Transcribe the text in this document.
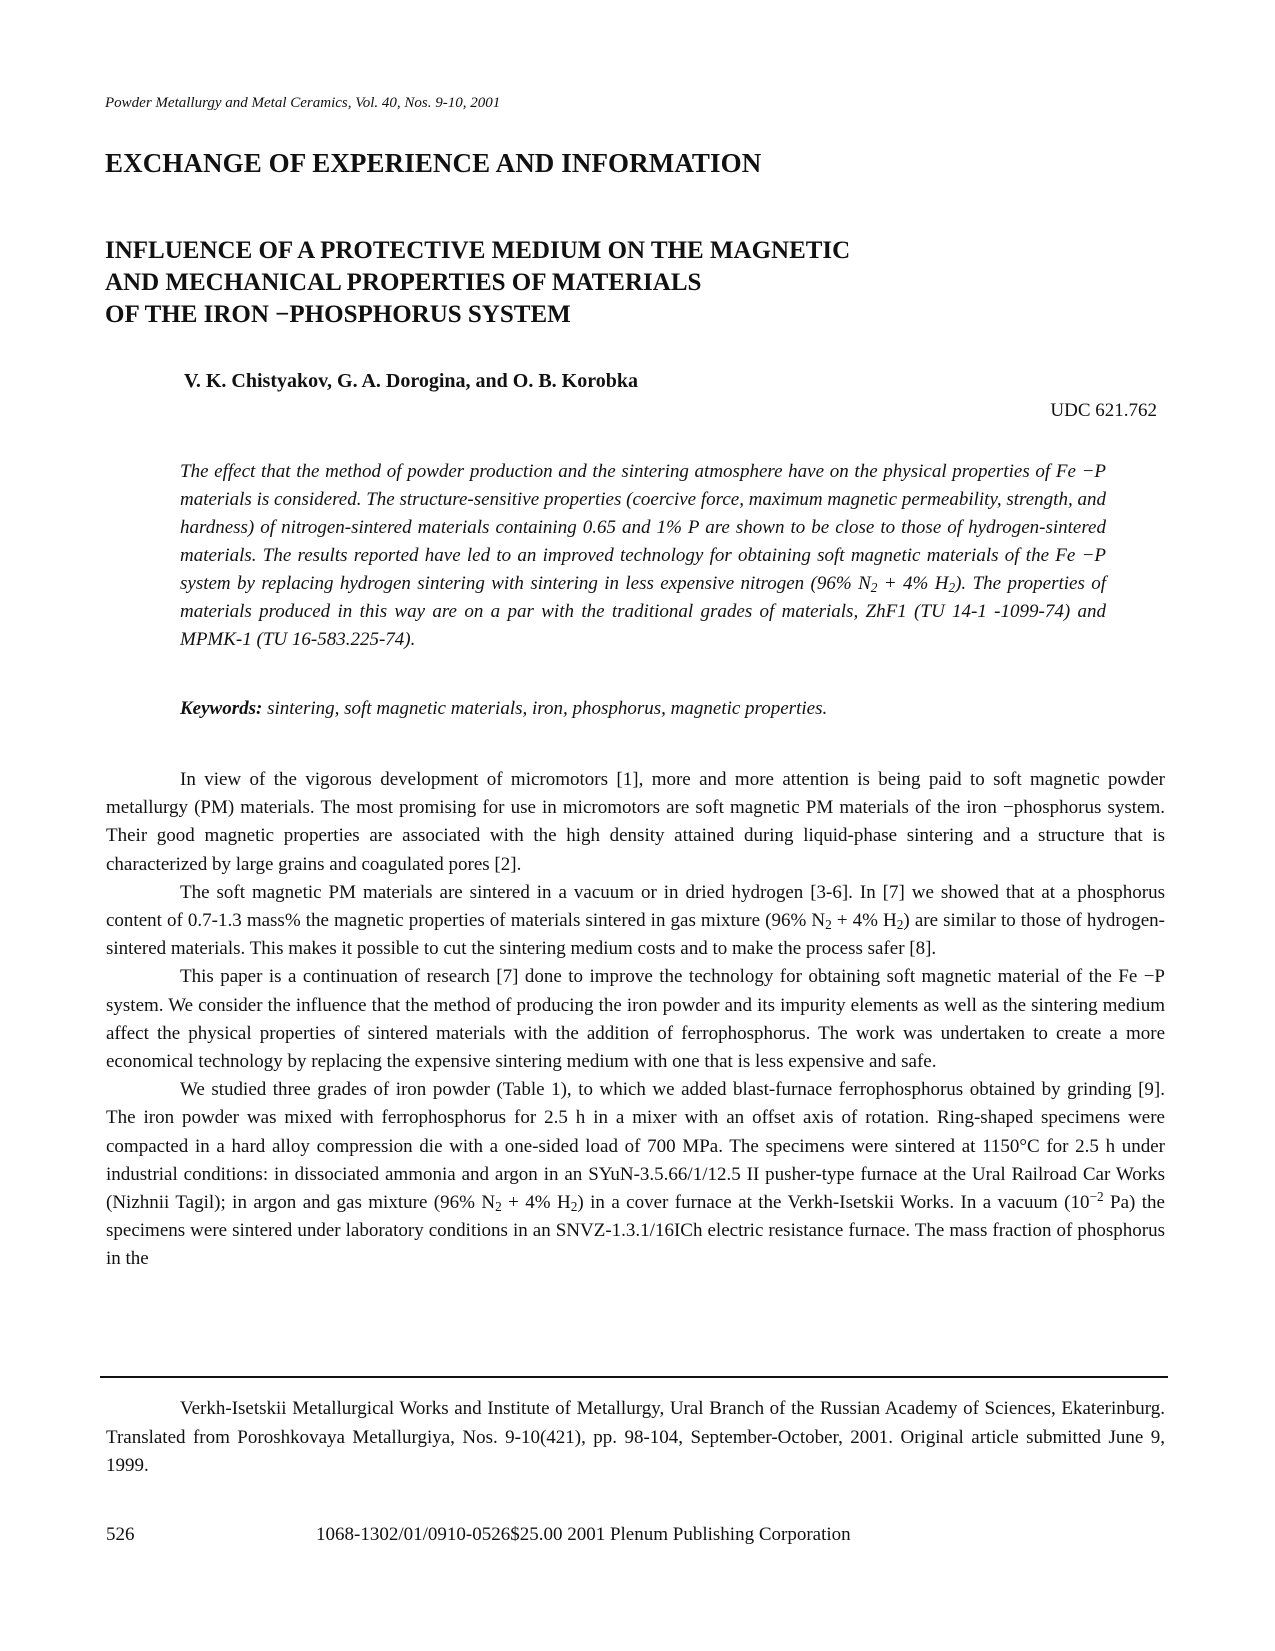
Powder Metallurgy and Metal Ceramics, Vol. 40, Nos. 9-10, 2001
EXCHANGE OF EXPERIENCE AND INFORMATION
INFLUENCE OF A PROTECTIVE MEDIUM ON THE MAGNETIC
AND MECHANICAL PROPERTIES OF MATERIALS
OF THE IRON −PHOSPHORUS SYSTEM
V. K. Chistyakov, G. A. Dorogina, and O. B. Korobka
UDC 621.762

The effect that the method of powder production and the sintering atmosphere have on the physical properties of Fe −P materials is considered. The structure-sensitive properties (coercive force, maximum magnetic permeability, strength, and hardness) of nitrogen-sintered materials containing 0.65 and 1% P are shown to be close to those of hydrogen-sintered materials. The results reported have led to an improved technology for obtaining soft magnetic materials of the Fe −P system by replacing hydrogen sintering with sintering in less expensive nitrogen (96% $N_2 + 4\%$ $H_2$). The properties of materials produced in this way are on a par with the traditional grades of materials, ZhF1 (TU 14-1 -1099-74) and MPMK-1 (TU 16-583.225-74).

Keywords: sintering, soft magnetic materials, iron, phosphorus, magnetic properties.

In view of the vigorous development of micromotors [1], more and more attention is being paid to soft magnetic powder metallurgy (PM) materials. The most promising for use in micromotors are soft magnetic PM materials of the iron −phosphorus system. Their good magnetic properties are associated with the high density attained during liquid-phase sintering and a structure that is characterized by large grains and coagulated pores [2].

The soft magnetic PM materials are sintered in a vacuum or in dried hydrogen [3-6]. In [7] we showed that at a phosphorus content of 0.7-1.3 mass% the magnetic properties of materials sintered in gas mixture (96% $N_2 + 4\%$ $H_2$) are similar to those of hydrogen-sintered materials. This makes it possible to cut the sintering medium costs and to make the process safer [8].

This paper is a continuation of research [7] done to improve the technology for obtaining soft magnetic material of the Fe −P system. We consider the influence that the method of producing the iron powder and its impurity elements as well as the sintering medium affect the physical properties of sintered materials with the addition of ferrophosphorus. The work was undertaken to create a more economical technology by replacing the expensive sintering medium with one that is less expensive and safe.

We studied three grades of iron powder (Table 1), to which we added blast-furnace ferrophosphorus obtained by grinding [9]. The iron powder was mixed with ferrophosphorus for 2.5 h in a mixer with an offset axis of rotation. Ring-shaped specimens were compacted in a hard alloy compression die with a one-sided load of 700 MPa. The specimens were sintered at 1150°C for 2.5 h under industrial conditions: in dissociated ammonia and argon in an SYuN-3.5.66/1/12.5 II pusher-type furnace at the Ural Railroad Car Works (Nizhnii Tagil); in argon and gas mixture (96% $N_2 + 4\%$ $H_2$) in a cover furnace at the Verkh-Isetskii Works. In a vacuum ($10^{-2}$ Pa) the specimens were sintered under laboratory conditions in an SNVZ-1.3.1/16ICh electric resistance furnace. The mass fraction of phosphorus in the

Verkh-Isetskii Metallurgical Works and Institute of Metallurgy, Ural Branch of the Russian Academy of Sciences, Ekaterinburg. Translated from Poroshkovaya Metallurgiya, Nos. 9-10(421), pp. 98-104, September-October, 2001. Original article submitted June 9, 1999.

526	1068-1302/01/0910-0526$25.00 2001 Plenum Publishing Corporation
